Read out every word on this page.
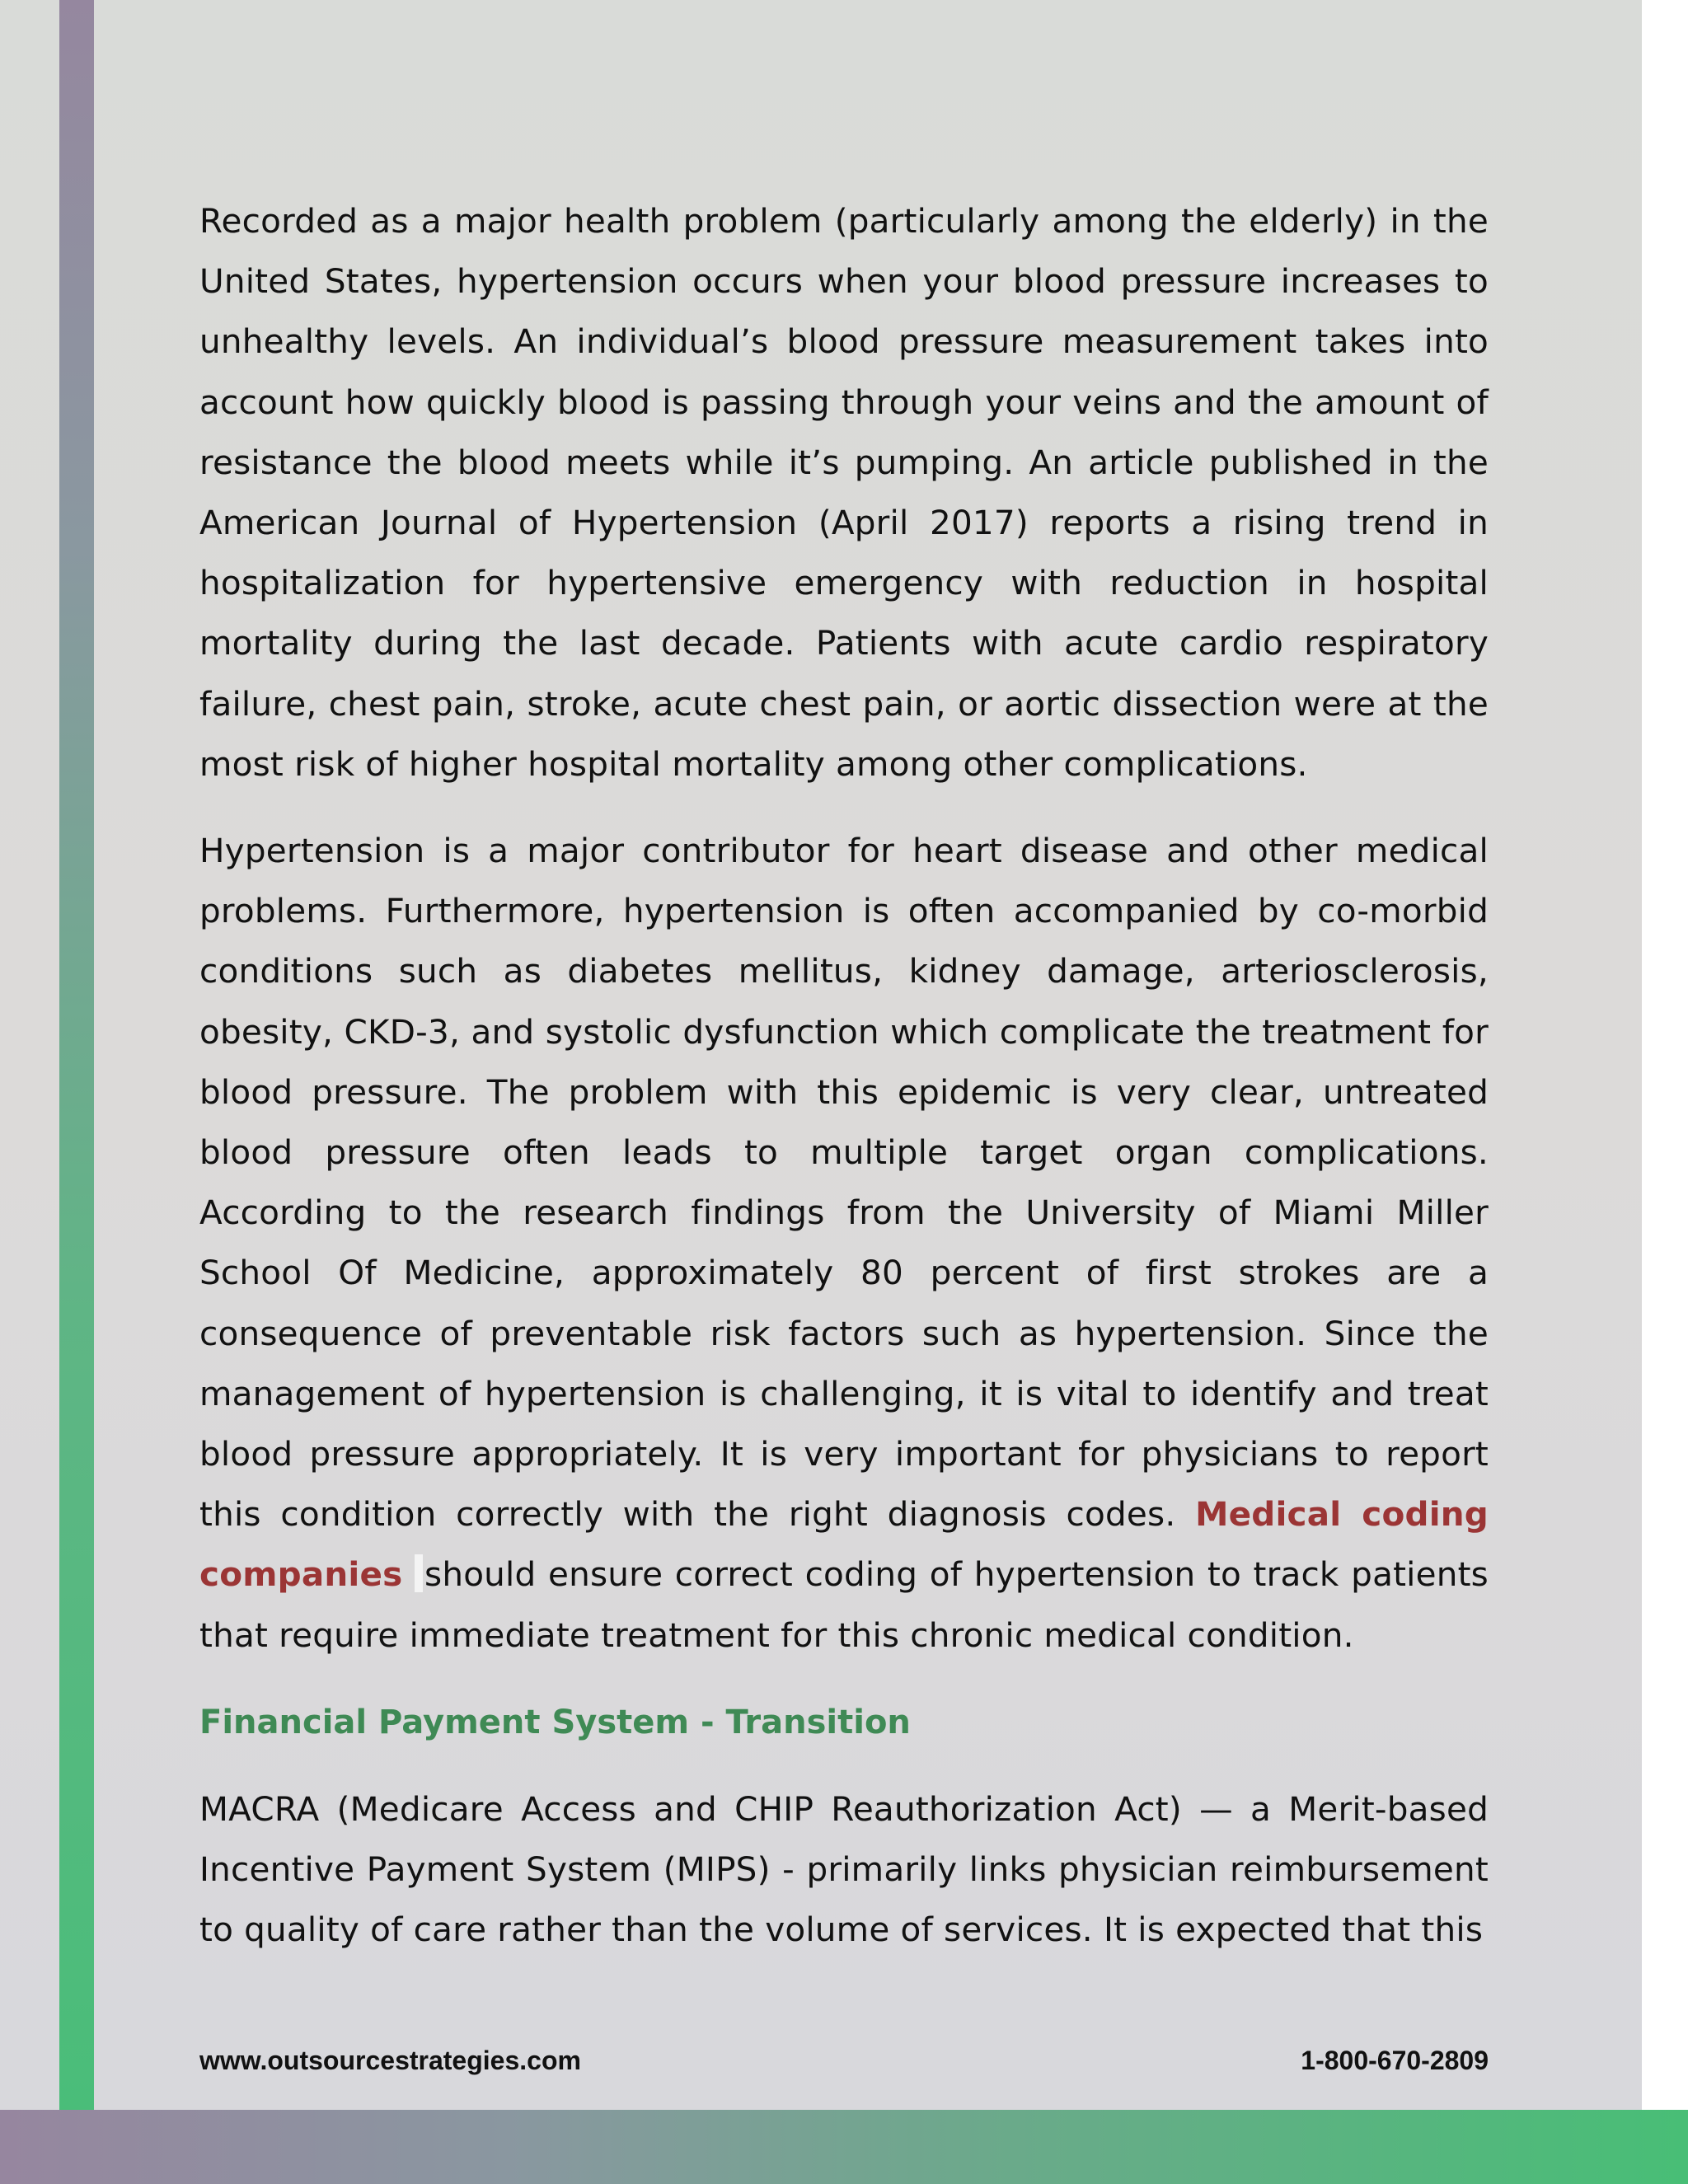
Recorded as a major health problem (particularly among the elderly) in the United States, hypertension occurs when your blood pressure increases to unhealthy levels. An individual’s blood pressure measurement takes into account how quickly blood is passing through your veins and the amount of resistance the blood meets while it’s pumping. An article published in the American Journal of Hypertension (April 2017) reports a rising trend in hospitalization for hypertensive emergency with reduction in hospital mortality during the last decade. Patients with acute cardio respiratory failure, chest pain, stroke, acute chest pain, or aortic dissection were at the most risk of higher hospital mortality among other complications.

Hypertension is a major contributor for heart disease and other medical problems. Furthermore, hypertension is often accompanied by co-morbid conditions such as diabetes mellitus, kidney damage, arteriosclerosis, obesity, CKD-3, and systolic dysfunction which complicate the treatment for blood pressure. The problem with this epidemic is very clear, untreated blood pressure often leads to multiple target organ complications. According to the research findings from the University of Miami Miller School Of Medicine, approximately 80 percent of first strokes are a consequence of preventable risk factors such as hypertension. Since the management of hypertension is challenging, it is vital to identify and treat blood pressure appropriately. It is very important for physicians to report this condition correctly with the right diagnosis codes. Medical coding companies should ensure correct coding of hypertension to track patients that require immediate treatment for this chronic medical condition.

Financial Payment System - Transition

MACRA (Medicare Access and CHIP Reauthorization Act) — a Merit-based Incentive Payment System (MIPS) - primarily links physician reimbursement to quality of care rather than the volume of services. It is expected that this

www.outsourcestrategies.com	1-800-670-2809
